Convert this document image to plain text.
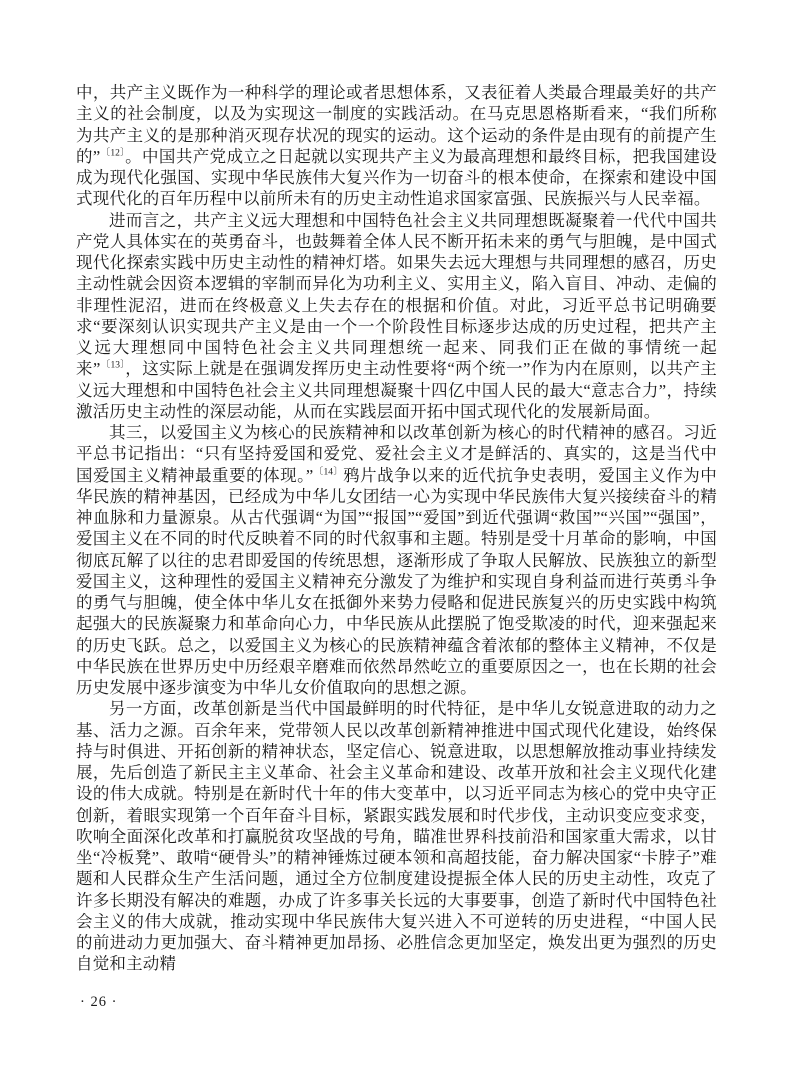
中，共产主义既作为一种科学的理论或者思想体系，又表征着人类最合理最美好的共产主义的社会制度，以及为实现这一制度的实践活动。在马克思恩格斯看来，“我们所称为共产主义的是那种消灭现存状况的现实的运动。这个运动的条件是由现有的前提产生的”$^{〔12〕}$。中国共产党成立之日起就以实现共产主义为最高理想和最终目标，把我国建设成为现代化强国、实现中华民族伟大复兴作为一切奋斗的根本使命，在探索和建设中国式现代化的百年历程中以前所未有的历史主动性追求国家富强、民族振兴与人民幸福。

进而言之，共产主义远大理想和中国特色社会主义共同理想既凝聚着一代代中国共产党人具体实在的英勇奋斗，也鼓舞着全体人民不断开拓未来的勇气与胆魄，是中国式现代化探索实践中历史主动性的精神灯塔。如果失去远大理想与共同理想的感召，历史主动性就会因资本逻辑的宰制而异化为功利主义、实用主义，陷入盲目、冲动、走偏的非理性泥沼，进而在终极意义上失去存在的根据和价值。对此，习近平总书记明确要求“要深刻认识实现共产主义是由一个一个阶段性目标逐步达成的历史过程，把共产主义远大理想同中国特色社会主义共同理想统一起来、同我们正在做的事情统一起来”$^{〔13〕}$，这实际上就是在强调发挥历史主动性要将“两个统一”作为内在原则，以共产主义远大理想和中国特色社会主义共同理想凝聚十四亿中国人民的最大“意志合力”，持续激活历史主动性的深层动能，从而在实践层面开拓中国式现代化的发展新局面。

其三，以爱国主义为核心的民族精神和以改革创新为核心的时代精神的感召。习近平总书记指出：“只有坚持爱国和爱党、爱社会主义才是鲜活的、真实的，这是当代中国爱国主义精神最重要的体现。”$^{〔14〕}$鸦片战争以来的近代抗争史表明，爱国主义作为中华民族的精神基因，已经成为中华儿女团结一心为实现中华民族伟大复兴接续奋斗的精神血脉和力量源泉。从古代强调“为国”“报国”“爱国”到近代强调“救国”“兴国”“强国”，爱国主义在不同的时代反映着不同的时代叙事和主题。特别是受十月革命的影响，中国彻底瓦解了以往的忠君即爱国的传统思想，逐渐形成了争取人民解放、民族独立的新型爱国主义，这种理性的爱国主义精神充分激发了为维护和实现自身利益而进行英勇斗争的勇气与胆魄，使全体中华儿女在抵御外来势力侵略和促进民族复兴的历史实践中构筑起强大的民族凝聚力和革命向心力，中华民族从此摆脱了饱受欺凌的时代，迎来强起来的历史飞跃。总之，以爱国主义为核心的民族精神蕴含着浓郁的整体主义精神，不仅是中华民族在世界历史中历经艰辛磨难而依然昂然屹立的重要原因之一，也在长期的社会历史发展中逐步演变为中华儿女价值取向的思想之源。

另一方面，改革创新是当代中国最鲜明的时代特征，是中华儿女锐意进取的动力之基、活力之源。百余年来，党带领人民以改革创新精神推进中国式现代化建设，始终保持与时俱进、开拓创新的精神状态，坚定信心、锐意进取，以思想解放推动事业持续发展，先后创造了新民主主义革命、社会主义革命和建设、改革开放和社会主义现代化建设的伟大成就。特别是在新时代十年的伟大变革中，以习近平同志为核心的党中央守正创新，着眼实现第一个百年奋斗目标，紧跟实践发展和时代步伐，主动识变应变求变，吹响全面深化改革和打赢脱贫攻坚战的号角，瞄准世界科技前沿和国家重大需求，以甘坐“冷板凳”、敢啃“硬骨头”的精神锤炼过硬本领和高超技能，奋力解决国家“卡脖子”难题和人民群众生产生活问题，通过全方位制度建设提振全体人民的历史主动性，攻克了许多长期没有解决的难题，办成了许多事关长远的大事要事，创造了新时代中国特色社会主义的伟大成就，推动实现中华民族伟大复兴进入不可逆转的历史进程，“中国人民的前进动力更加强大、奋斗精神更加昂扬、必胜信念更加坚定，焕发出更为强烈的历史自觉和主动精

· 26 ·
